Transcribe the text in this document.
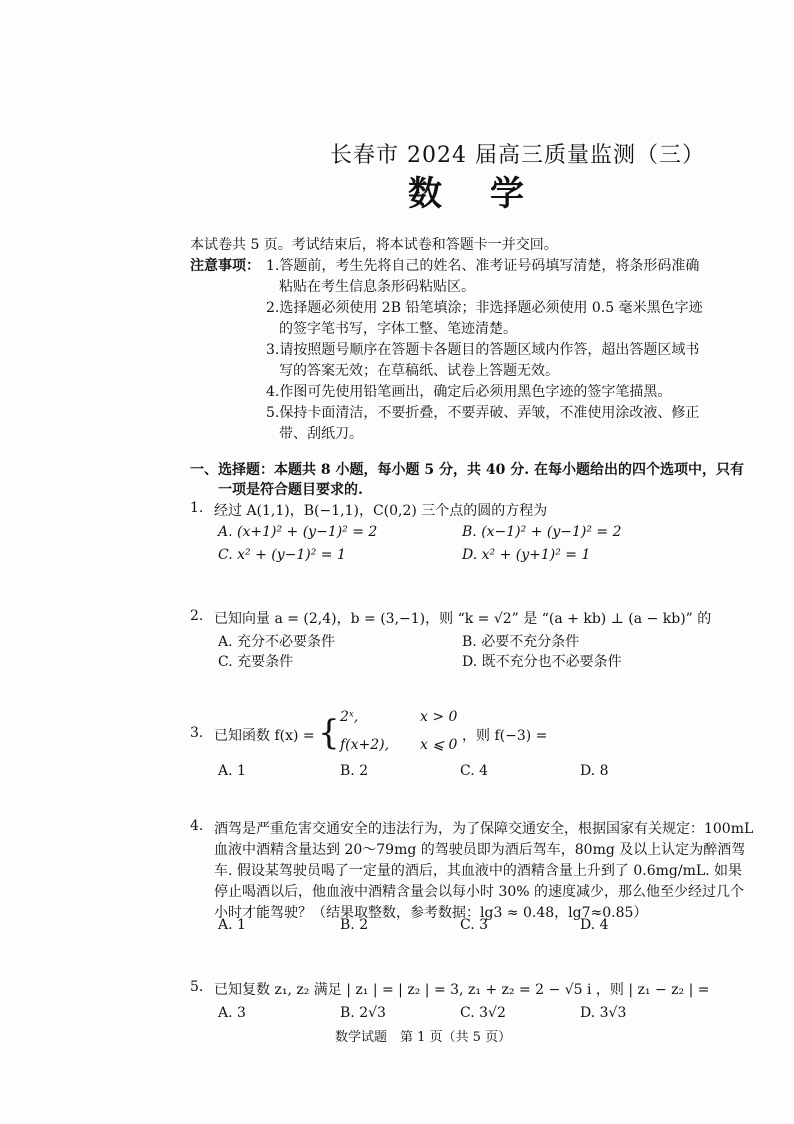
长春市 2024 届高三质量监测（三）
数学
本试卷共 5 页。考试结束后，将本试卷和答题卡一并交回。
注意事项： 1.答题前，考生先将自己的姓名、准考证号码填写清楚，将条形码准确
粘贴在考生信息条形码粘贴区。
2.选择题必须使用 2B 铅笔填涂；非选择题必须使用 0.5 毫米黑色字迹
的签字笔书写，字体工整、笔迹清楚。
3.请按照题号顺序在答题卡各题目的答题区域内作答，超出答题区域书
写的答案无效；在草稿纸、试卷上答题无效。
4.作图可先使用铅笔画出，确定后必须用黑色字迹的签字笔描黑。
5.保持卡面清洁，不要折叠，不要弄破、弄皱，不准使用涂改液、修正
带、刮纸刀。
一、选择题：本题共 8 小题，每小题 5 分，共 40 分. 在每小题给出的四个选项中，只有
一项是符合题目要求的.
1. 经过 A(1,1)，B(−1,1)，C(0,2) 三个点的圆的方程为
A. (x+1)² + (y−1)² = 2	B. (x−1)² + (y−1)² = 2
C. x² + (y−1)² = 1	D. x² + (y+1)² = 1
2. 已知向量 a = (2,4)，b = (3,−1)，则 “k = √2” 是 “(a + kb) ⊥ (a − kb)” 的
A. 充分不必要条件	B. 必要不充分条件
C. 充要条件	D. 既不充分也不必要条件
3. 已知函数 f(x) = { 2ˣ,	x > 0
f(x+2), x ⩽ 0
，则 f(−3) =
A. 1	B. 2	C. 4	D. 8
4. 酒驾是严重危害交通安全的违法行为，为了保障交通安全，根据国家有关规定：100mL
血液中酒精含量达到 20～79mg 的驾驶员即为酒后驾车，80mg 及以上认定为醉酒驾
车. 假设某驾驶员喝了一定量的酒后，其血液中的酒精含量上升到了 0.6mg/mL. 如果
停止喝酒以后，他血液中酒精含量会以每小时 30% 的速度减少，那么他至少经过几个
小时才能驾驶？（结果取整数，参考数据：lg3 ≈ 0.48，lg7≈0.85）
A. 1	B. 2	C. 3	D. 4
5. 已知复数 z₁, z₂ 满足 | z₁ | = | z₂ | = 3, z₁ + z₂ = 2 − √5 i ，则 | z₁ − z₂ | =
A. 3	B. 2√3	C. 3√2	D. 3√3
数学试题　第 1 页（共 5 页）
